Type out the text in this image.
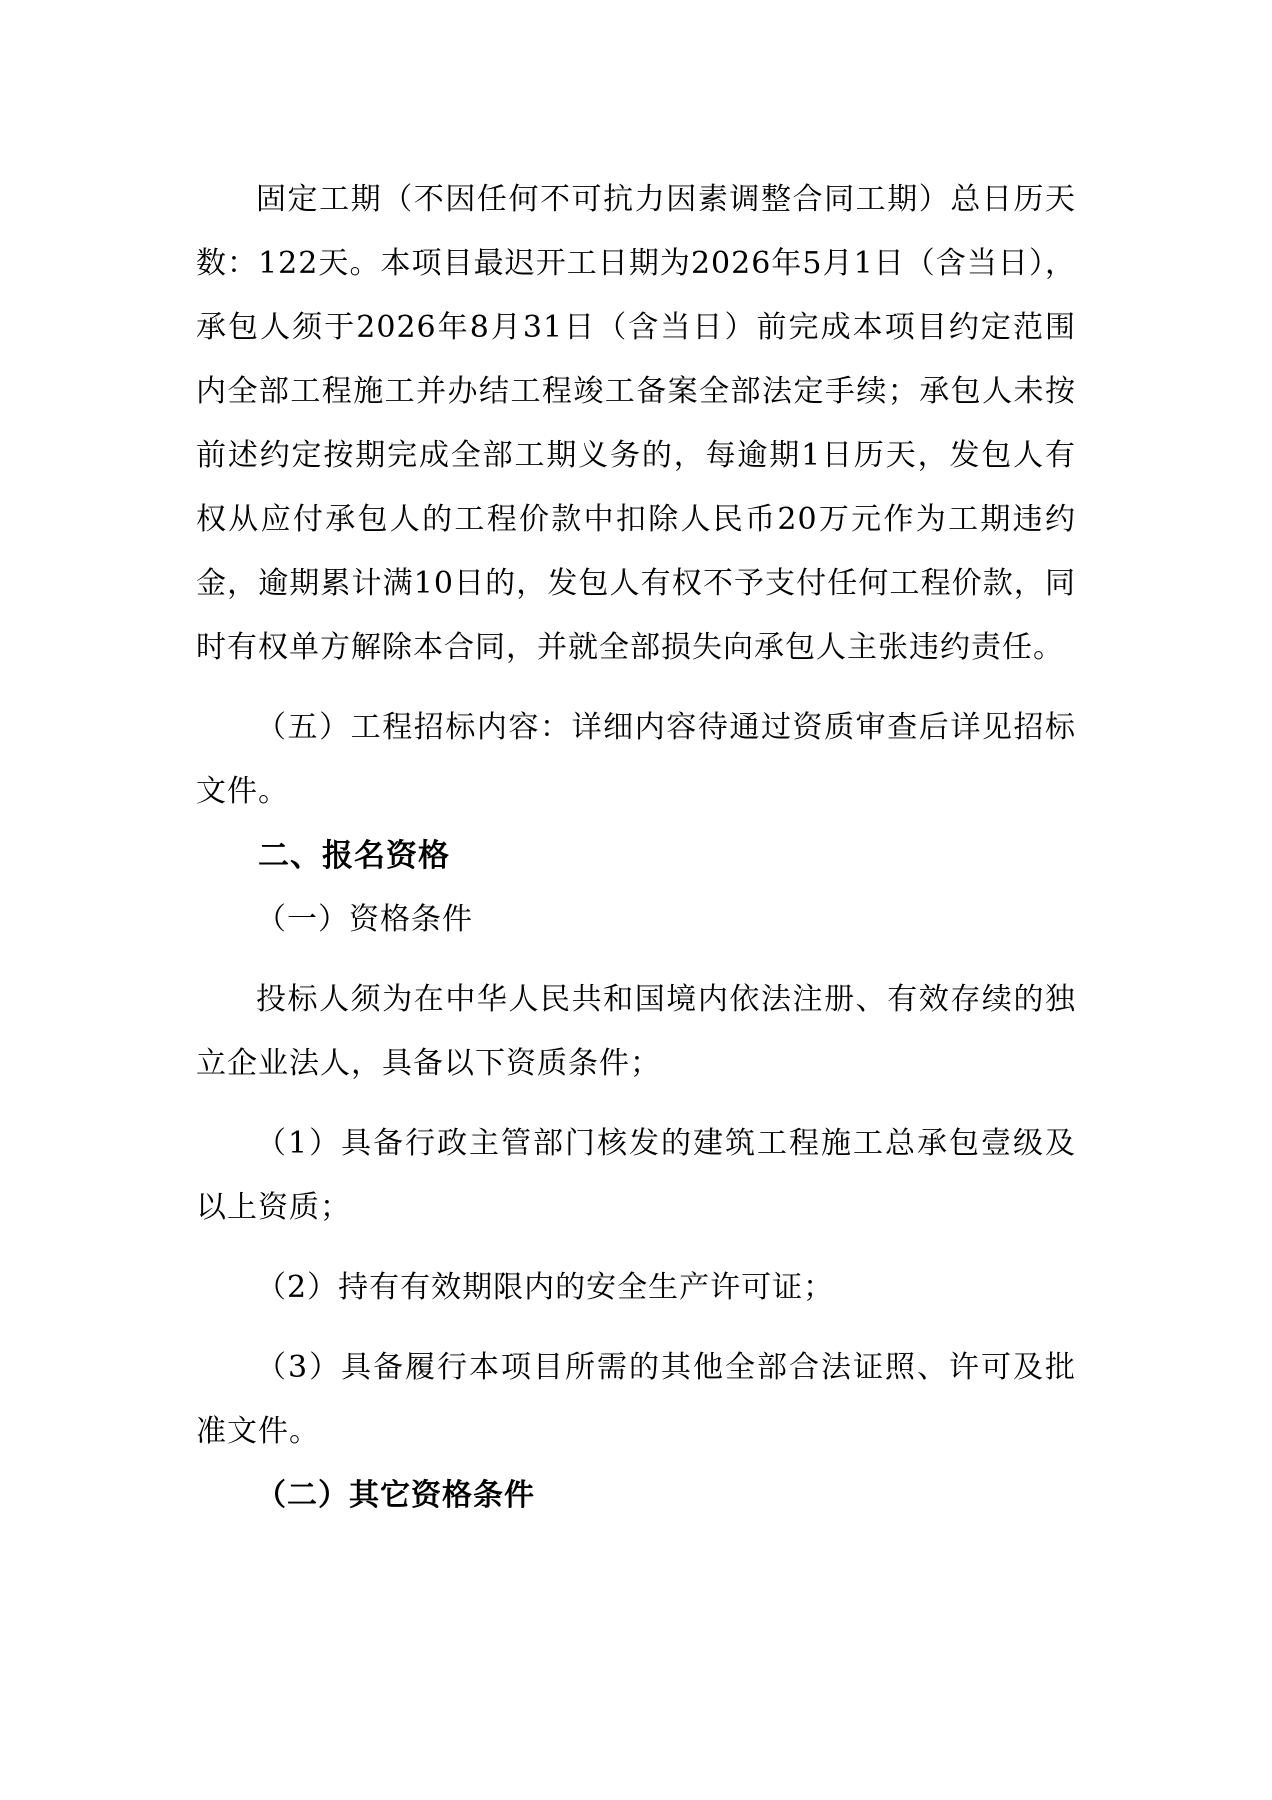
固定工期（不因任何不可抗力因素调整合同工期）总日历天数：122天。本项目最迟开工日期为2026年5月1日（含当日），承包人须于2026年8月31日（含当日）前完成本项目约定范围内全部工程施工并办结工程竣工备案全部法定手续；承包人未按前述约定按期完成全部工期义务的，每逾期1日历天，发包人有权从应付承包人的工程价款中扣除人民币20万元作为工期违约金，逾期累计满10日的，发包人有权不予支付任何工程价款，同时有权单方解除本合同，并就全部损失向承包人主张违约责任。

（五）工程招标内容：详细内容待通过资质审查后详见招标文件。

二、报名资格

（一）资格条件

投标人须为在中华人民共和国境内依法注册、有效存续的独立企业法人，具备以下资质条件；

（1）具备行政主管部门核发的建筑工程施工总承包壹级及以上资质；

（2）持有有效期限内的安全生产许可证；

（3）具备履行本项目所需的其他全部合法证照、许可及批准文件。

（二）其它资格条件
